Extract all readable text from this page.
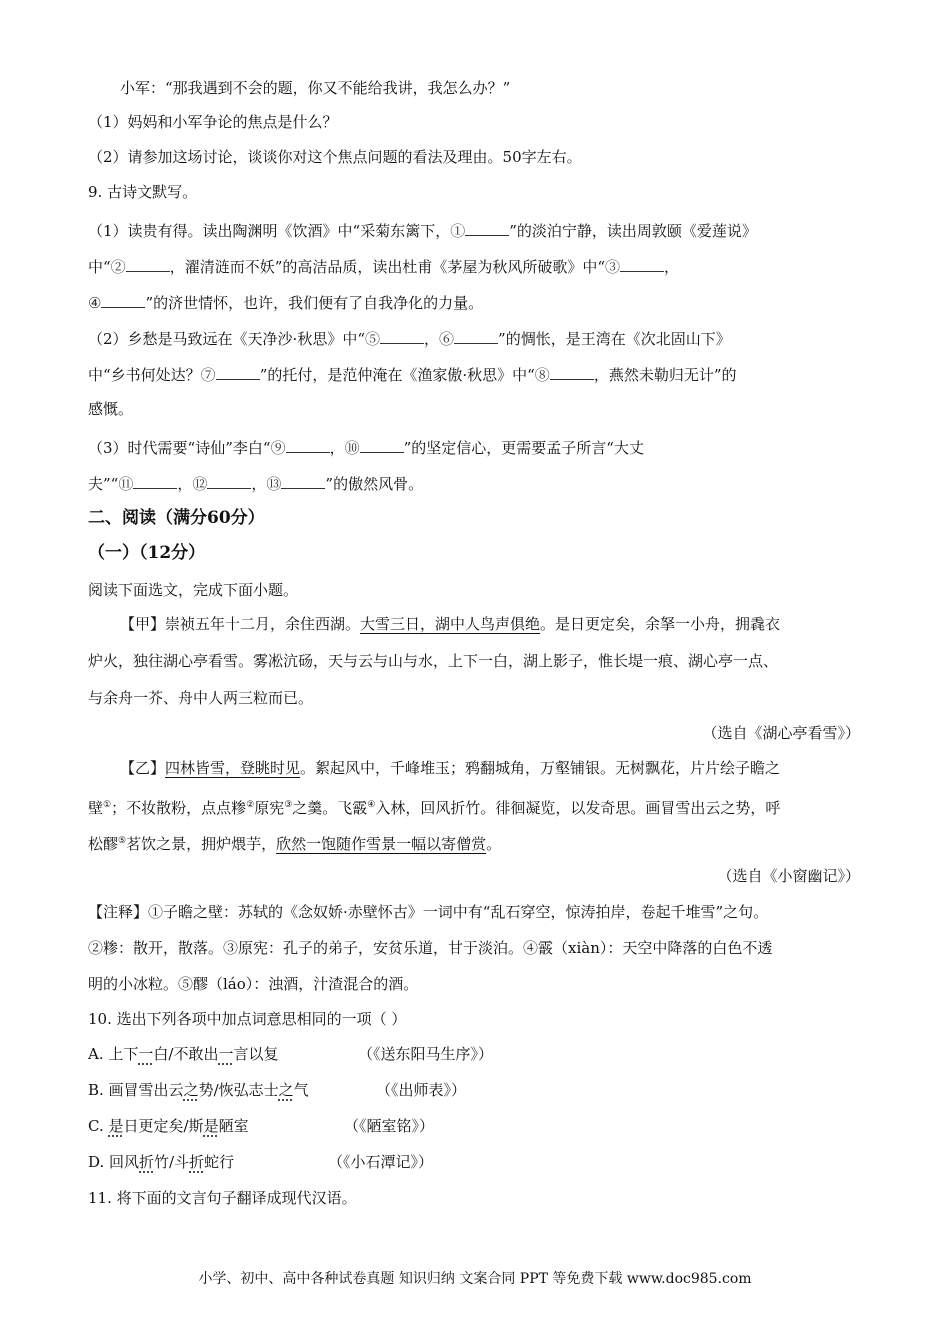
小军：“那我遇到不会的题，你又不能给我讲，我怎么办？”
（1）妈妈和小军争论的焦点是什么？
（2）请参加这场讨论，谈谈你对这个焦点问题的看法及理由。50字左右。
9. 古诗文默写。
（1）读贵有得。读出陶渊明《饮酒》中“采菊东篱下，①	”的淡泊宁静，读出周敦颐《爱莲说》
中“②	，濯清涟而不妖”的高洁品质，读出杜甫《茅屋为秋风所破歌》中“③	，
④	”的济世情怀，也许，我们便有了自我净化的力量。
（2）乡愁是马致远在《天净沙·秋思》中“⑤	，⑥	”的惆怅，是王湾在《次北固山下》
中“乡书何处达？⑦	”的托付，是范仲淹在《渔家傲·秋思》中“⑧	，燕然未勒归无计”的
感慨。
（3）时代需要“诗仙”李白“⑨	，⑩	”的坚定信心，更需要孟子所言“大丈
夫”“⑪	，⑫	，⑬	”的傲然风骨。
二、阅读（满分60分）
（一）（12分）
阅读下面选文，完成下面小题。
【甲】崇祯五年十二月，余住西湖。大雪三日，湖中人鸟声俱绝。是日更定矣，余拏一小舟，拥毳衣
炉火，独往湖心亭看雪。雾凇沆砀，天与云与山与水，上下一白，湖上影子，惟长堤一痕、湖心亭一点、
与余舟一芥、舟中人两三粒而已。
（选自《湖心亭看雪》）
【乙】四林皆雪，登眺时见。絮起风中，千峰堆玉；鸦翻城角，万壑铺银。无树飘花，片片绘子瞻之
壁①；不妆散粉，点点糁②原宪③之羹。飞霰④入林，回风折竹。徘徊凝览，以发奇思。画冒雪出云之势，呼
松醪⑤茗饮之景，拥炉煨芋，欣然一饱随作雪景一幅以寄僧赏。
（选自《小窗幽记》）
【注释】①子瞻之壁：苏轼的《念奴娇·赤壁怀古》一词中有“乱石穿空，惊涛拍岸，卷起千堆雪”之句。
②糁：散开，散落。③原宪：孔子的弟子，安贫乐道，甘于淡泊。④霰（xiàn）：天空中降落的白色不透
明的小冰粒。⑤醪（láo）：浊酒，汁渣混合的酒。
10. 选出下列各项中加点词意思相同的一项（ ）
A. 上下一白/不敢出一言以复	（《送东阳马生序》）
B. 画冒雪出云之势/恢弘志士之气	（《出师表》）
C. 是日更定矣/斯是陋室	（《陋室铭》）
D. 回风折竹/斗折蛇行	（《小石潭记》）
11. 将下面的文言句子翻译成现代汉语。
小学、初中、高中各种试卷真题 知识归纳 文案合同 PPT 等免费下载 www.doc985.com
